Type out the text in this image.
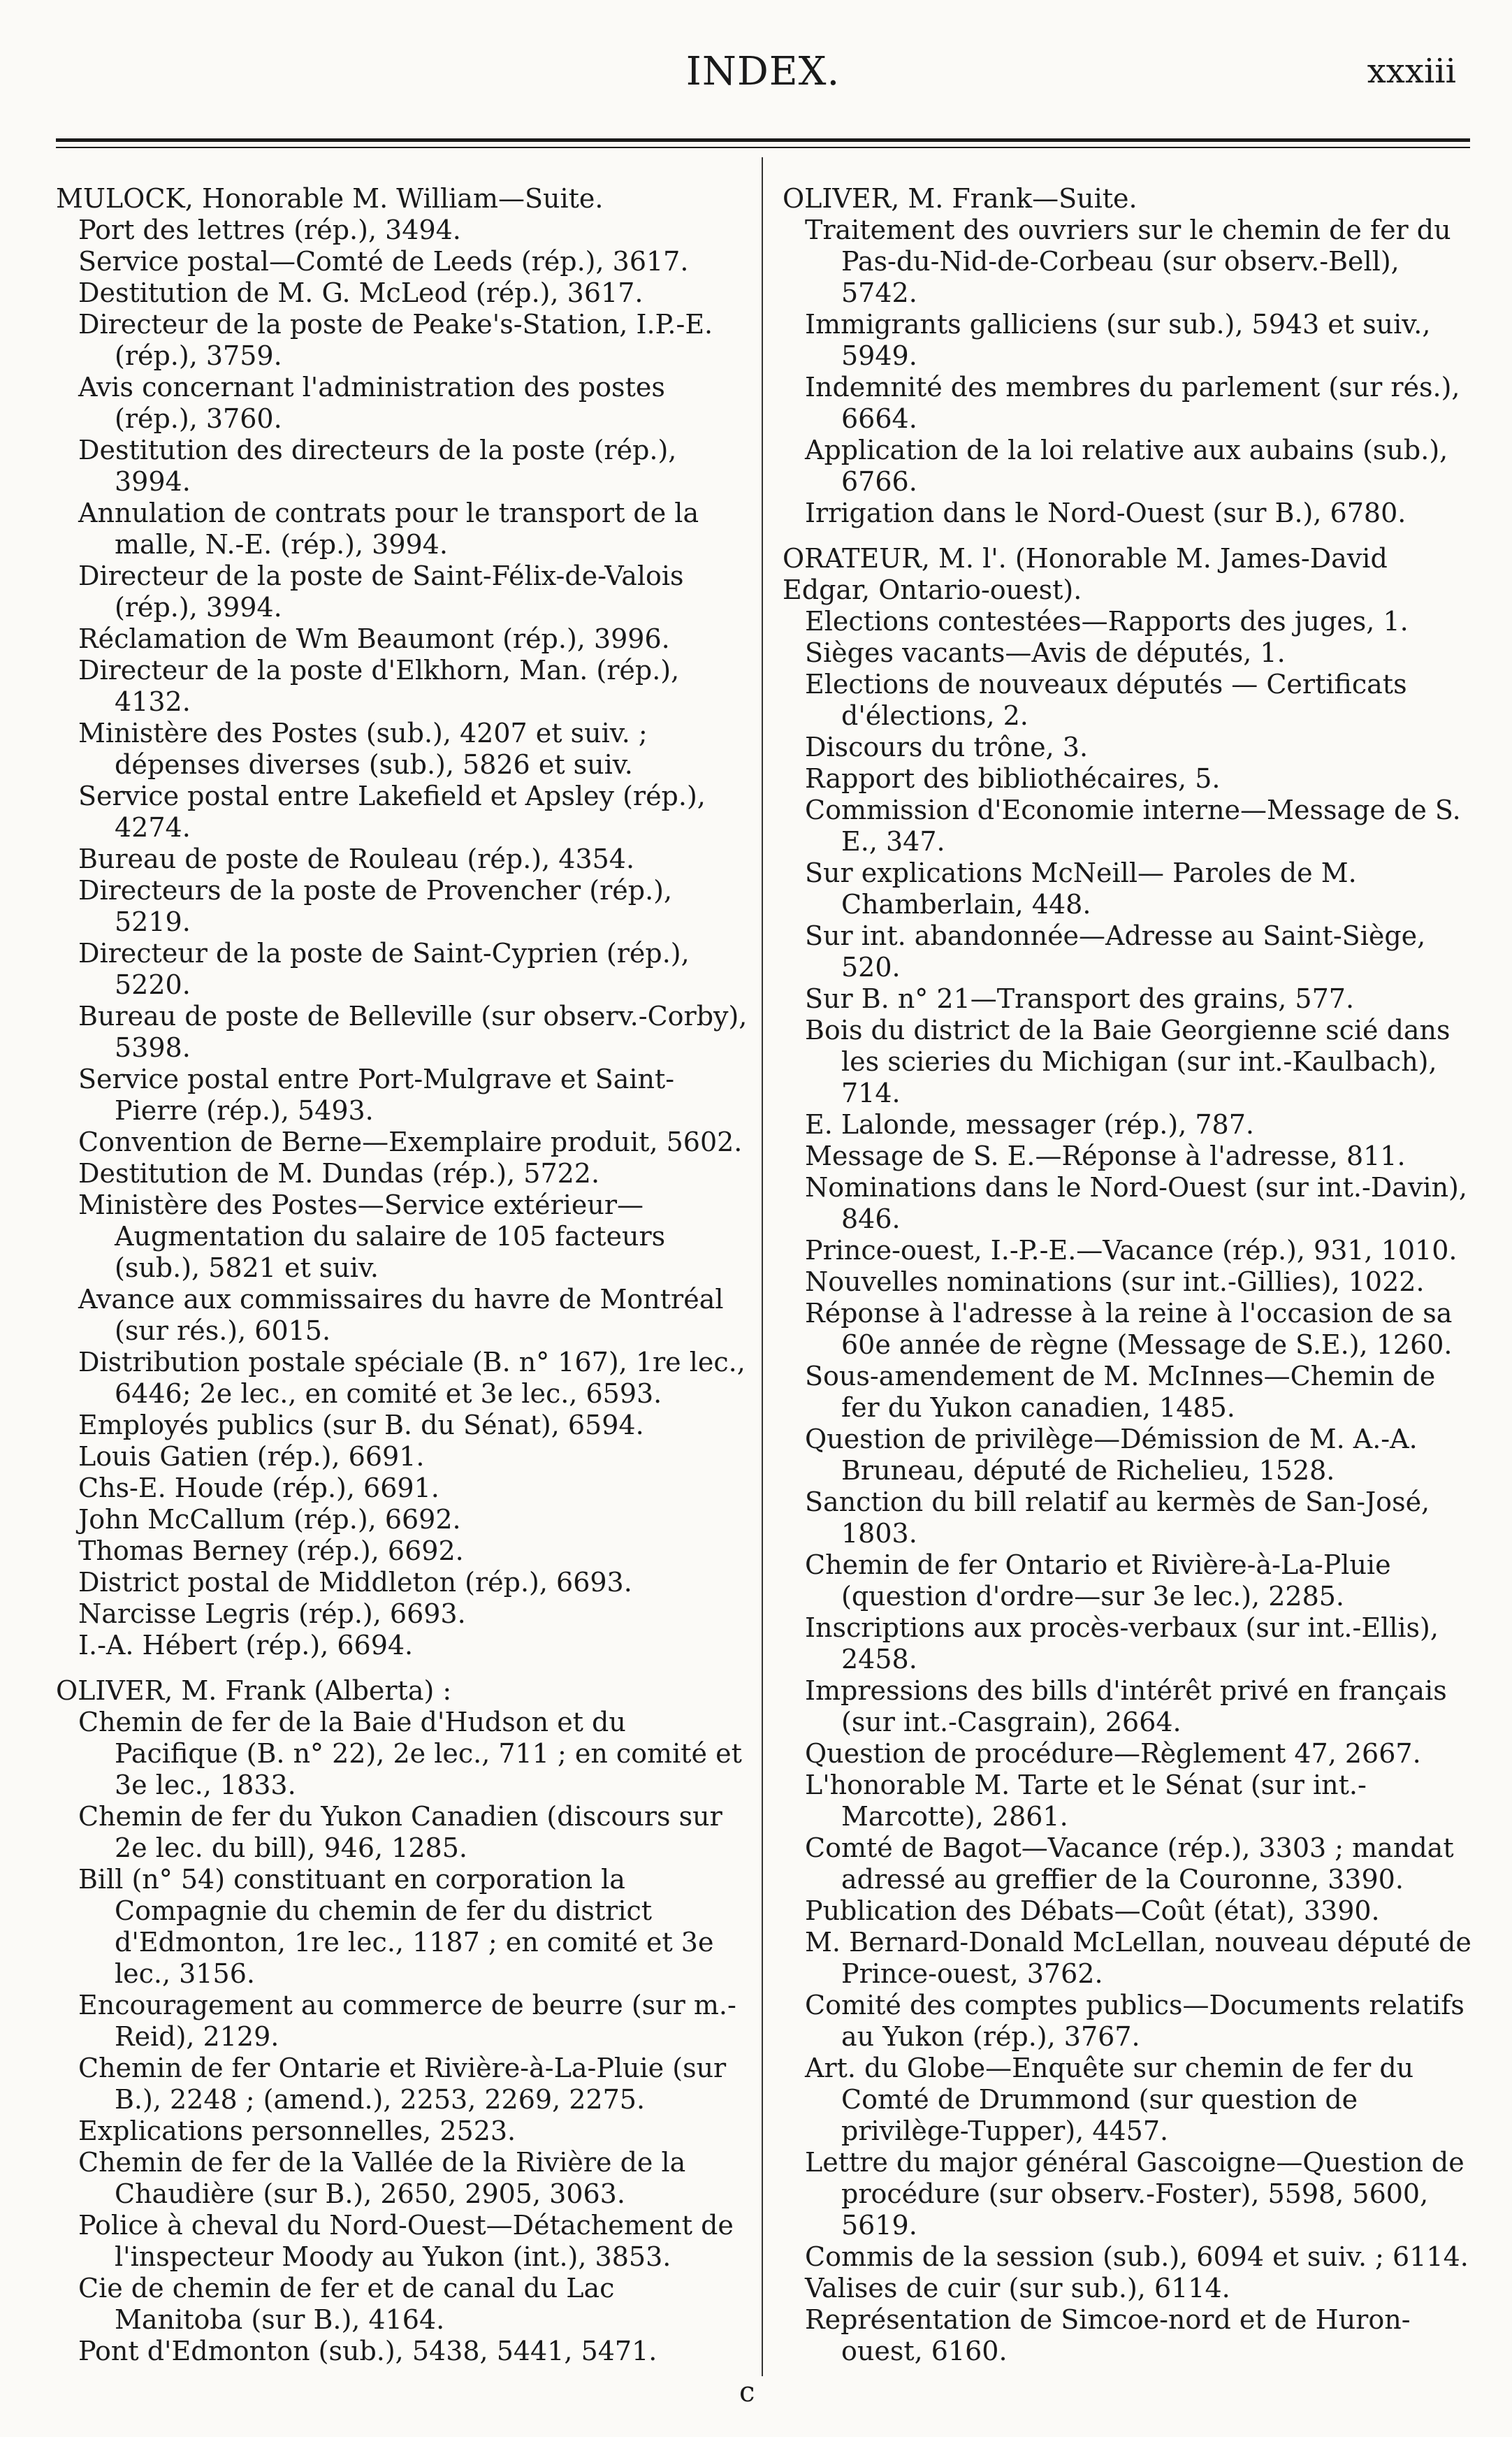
INDEX.	xxxiii
MULOCK, Honorable M. William—Suite.
Port des lettres (rép.), 3494.
Service postal—Comté de Leeds (rép.), 3617.
Destitution de M. G. McLeod (rép.), 3617.
Directeur de la poste de Peake's-Station, I.P.-E. (rép.), 3759.
Avis concernant l'administration des postes (rép.), 3760.
Destitution des directeurs de la poste (rép.), 3994.
Annulation de contrats pour le transport de la malle, N.-E. (rép.), 3994.
Directeur de la poste de Saint-Félix-de-Valois (rép.), 3994.
Réclamation de Wm Beaumont (rép.), 3996.
Directeur de la poste d'Elkhorn, Man. (rép.), 4132.
Ministère des Postes (sub.), 4207 et suiv. ; dépenses diverses (sub.), 5826 et suiv.
Service postal entre Lakefield et Apsley (rép.), 4274.
Bureau de poste de Rouleau (rép.), 4354.
Directeurs de la poste de Provencher (rép.), 5219.
Directeur de la poste de Saint-Cyprien (rép.), 5220.
Bureau de poste de Belleville (sur observ.-Corby), 5398.
Service postal entre Port-Mulgrave et Saint-Pierre (rép.), 5493.
Convention de Berne—Exemplaire produit, 5602.
Destitution de M. Dundas (rép.), 5722.
Ministère des Postes—Service extérieur—Augmentation du salaire de 105 facteurs (sub.), 5821 et suiv.
Avance aux commissaires du havre de Montréal (sur rés.), 6015.
Distribution postale spéciale (B. n° 167), 1re lec., 6446; 2e lec., en comité et 3e lec., 6593.
Employés publics (sur B. du Sénat), 6594.
Louis Gatien (rép.), 6691.
Chs-E. Houde (rép.), 6691.
John McCallum (rép.), 6692.
Thomas Berney (rép.), 6692.
District postal de Middleton (rép.), 6693.
Narcisse Legris (rép.), 6693.
I.-A. Hébert (rép.), 6694.
OLIVER, M. Frank (Alberta) :
Chemin de fer de la Baie d'Hudson et du Pacifique (B. n° 22), 2e lec., 711 ; en comité et 3e lec., 1833.
Chemin de fer du Yukon Canadien (discours sur 2e lec. du bill), 946, 1285.
Bill (n° 54) constituant en corporation la Compagnie du chemin de fer du district d'Edmonton, 1re lec., 1187 ; en comité et 3e lec., 3156.
Encouragement au commerce de beurre (sur m.-Reid), 2129.
Chemin de fer Ontarie et Rivière-à-La-Pluie (sur B.), 2248 ; (amend.), 2253, 2269, 2275.
Explications personnelles, 2523.
Chemin de fer de la Vallée de la Rivière de la Chaudière (sur B.), 2650, 2905, 3063.
Police à cheval du Nord-Ouest—Détachement de l'inspecteur Moody au Yukon (int.), 3853.
Cie de chemin de fer et de canal du Lac Manitoba (sur B.), 4164.
Pont d'Edmonton (sub.), 5438, 5441, 5471.
OLIVER, M. Frank—Suite.
Traitement des ouvriers sur le chemin de fer du Pas-du-Nid-de-Corbeau (sur observ.-Bell), 5742.
Immigrants galliciens (sur sub.), 5943 et suiv., 5949.
Indemnité des membres du parlement (sur rés.), 6664.
Application de la loi relative aux aubains (sub.), 6766.
Irrigation dans le Nord-Ouest (sur B.), 6780.
ORATEUR, M. l'. (Honorable M. James-David Edgar, Ontario-ouest).
Elections contestées—Rapports des juges, 1.
Sièges vacants—Avis de députés, 1.
Elections de nouveaux députés — Certificats d'élections, 2.
Discours du trône, 3.
Rapport des bibliothécaires, 5.
Commission d'Economie interne—Message de S. E., 347.
Sur explications McNeill— Paroles de M. Chamberlain, 448.
Sur int. abandonnée—Adresse au Saint-Siège, 520.
Sur B. n° 21—Transport des grains, 577.
Bois du district de la Baie Georgienne scié dans les scieries du Michigan (sur int.-Kaulbach), 714.
E. Lalonde, messager (rép.), 787.
Message de S. E.—Réponse à l'adresse, 811.
Nominations dans le Nord-Ouest (sur int.-Davin), 846.
Prince-ouest, I.-P.-E.—Vacance (rép.), 931, 1010.
Nouvelles nominations (sur int.-Gillies), 1022.
Réponse à l'adresse à la reine à l'occasion de sa 60e année de règne (Message de S.E.), 1260.
Sous-amendement de M. McInnes—Chemin de fer du Yukon canadien, 1485.
Question de privilège—Démission de M. A.-A. Bruneau, député de Richelieu, 1528.
Sanction du bill relatif au kermès de San-José, 1803.
Chemin de fer Ontario et Rivière-à-La-Pluie (question d'ordre—sur 3e lec.), 2285.
Inscriptions aux procès-verbaux (sur int.-Ellis), 2458.
Impressions des bills d'intérêt privé en français (sur int.-Casgrain), 2664.
Question de procédure—Règlement 47, 2667.
L'honorable M. Tarte et le Sénat (sur int.-Marcotte), 2861.
Comté de Bagot—Vacance (rép.), 3303 ; mandat adressé au greffier de la Couronne, 3390.
Publication des Débats—Coût (état), 3390.
M. Bernard-Donald McLellan, nouveau député de Prince-ouest, 3762.
Comité des comptes publics—Documents relatifs au Yukon (rép.), 3767.
Art. du Globe—Enquête sur chemin de fer du Comté de Drummond (sur question de privilège-Tupper), 4457.
Lettre du major général Gascoigne—Question de procédure (sur observ.-Foster), 5598, 5600, 5619.
Commis de la session (sub.), 6094 et suiv. ; 6114.
Valises de cuir (sur sub.), 6114.
Représentation de Simcoe-nord et de Huron-ouest, 6160.
c
